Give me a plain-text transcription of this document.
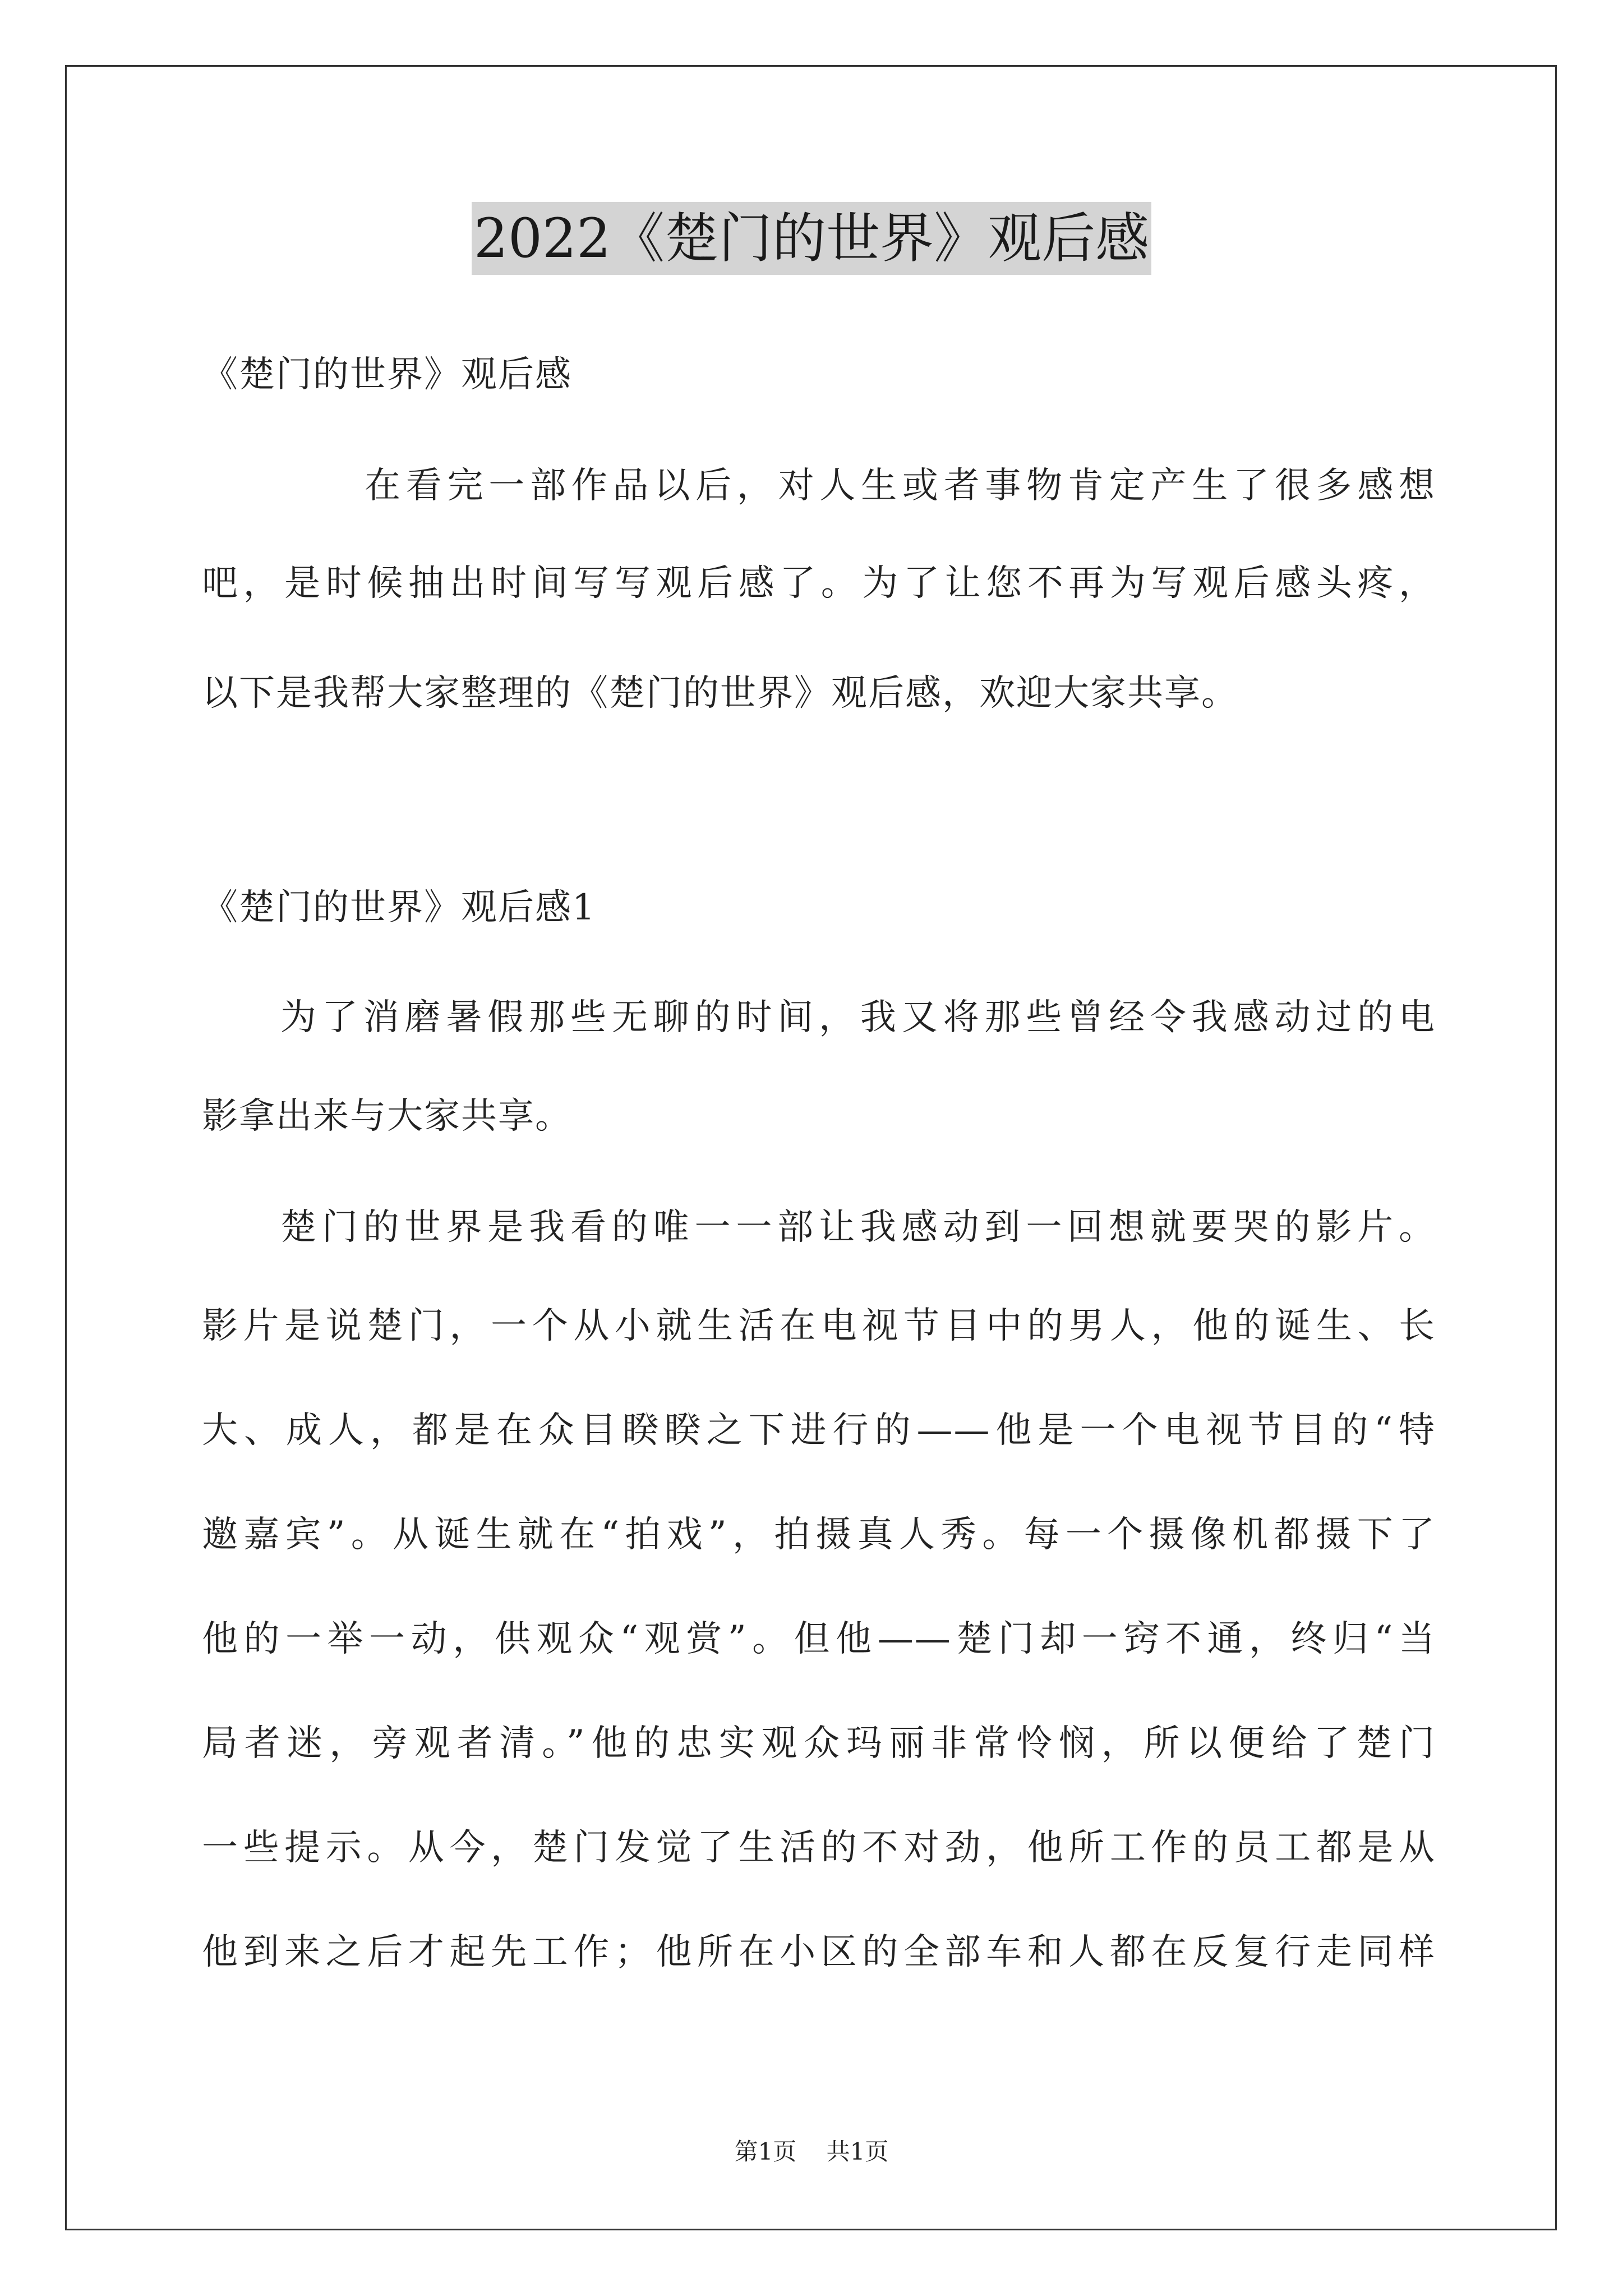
2022《楚门的世界》观后感
《楚门的世界》观后感
在看完一部作品以后，对人生或者事物肯定产生了很多感想
吧，是时候抽出时间写写观后感了。为了让您不再为写观后感头疼，
以下是我帮大家整理的《楚门的世界》观后感，欢迎大家共享。
《楚门的世界》观后感1
为了消磨暑假那些无聊的时间，我又将那些曾经令我感动过的电
影拿出来与大家共享。
楚门的世界是我看的唯一一部让我感动到一回想就要哭的影片。
影片是说楚门，一个从小就生活在电视节目中的男人，他的诞生、长
大、成人，都是在众目睽睽之下进行的——他是一个电视节目的“特
邀嘉宾”。从诞生就在“拍戏”，拍摄真人秀。每一个摄像机都摄下了
他的一举一动，供观众“观赏”。但他——楚门却一窍不通，终归“当
局者迷，旁观者清。”他的忠实观众玛丽非常怜悯，所以便给了楚门
一些提示。从今，楚门发觉了生活的不对劲，他所工作的员工都是从
他到来之后才起先工作；他所在小区的全部车和人都在反复行走同样
第1页 共1页
